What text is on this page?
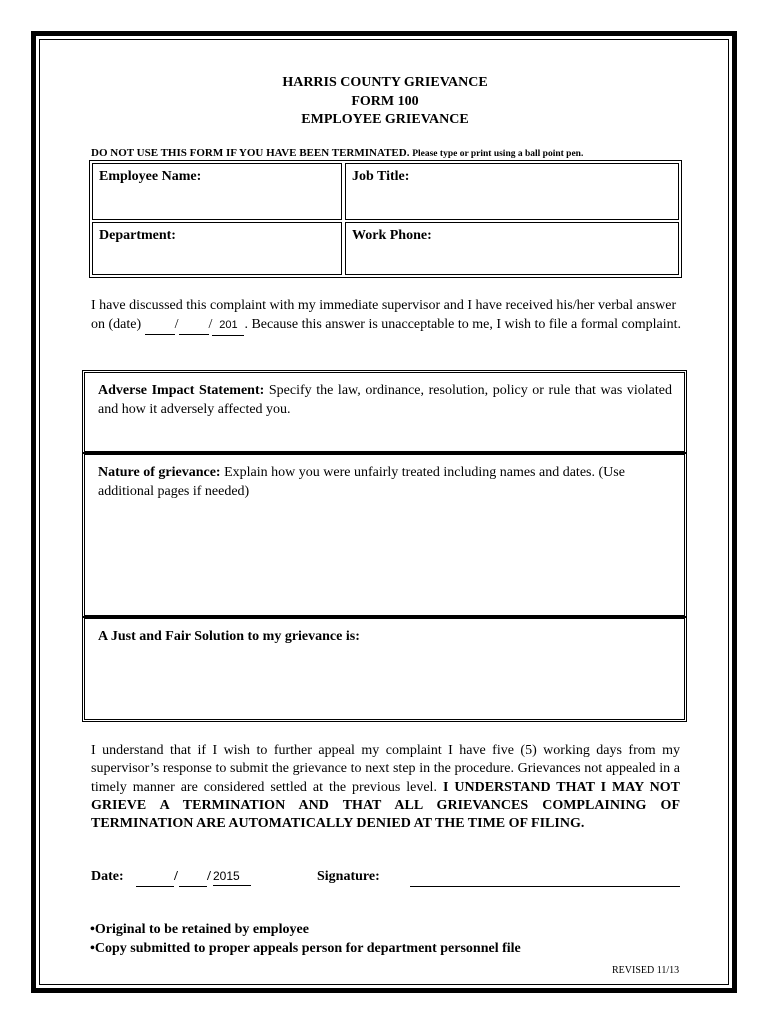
HARRIS COUNTY GRIEVANCE
FORM 100
EMPLOYEE GRIEVANCE
DO NOT USE THIS FORM IF YOU HAVE BEEN TERMINATED. Please type or print using a ball point pen.
Employee Name:	Job Title:
Department:	Work Phone:
I have discussed this complaint with my immediate supervisor and I have received his/her verbal answer on (date) / / 201 . Because this answer is unacceptable to me, I wish to file a formal complaint.
Adverse Impact Statement: Specify the law, ordinance, resolution, policy or rule that was violated and how it adversely affected you.
Nature of grievance: Explain how you were unfairly treated including names and dates. (Use additional pages if needed)
A Just and Fair Solution to my grievance is:
I understand that if I wish to further appeal my complaint I have five (5) working days from my supervisor’s response to submit the grievance to next step in the procedure. Grievances not appealed in a timely manner are considered settled at the previous level. I UNDERSTAND THAT I MAY NOT GRIEVE A TERMINATION AND THAT ALL GRIEVANCES COMPLAINING OF TERMINATION ARE AUTOMATICALLY DENIED AT THE TIME OF FILING.
Date:	/ / 2015	Signature:
•Original to be retained by employee
•Copy submitted to proper appeals person for department personnel file
REVISED 11/13
